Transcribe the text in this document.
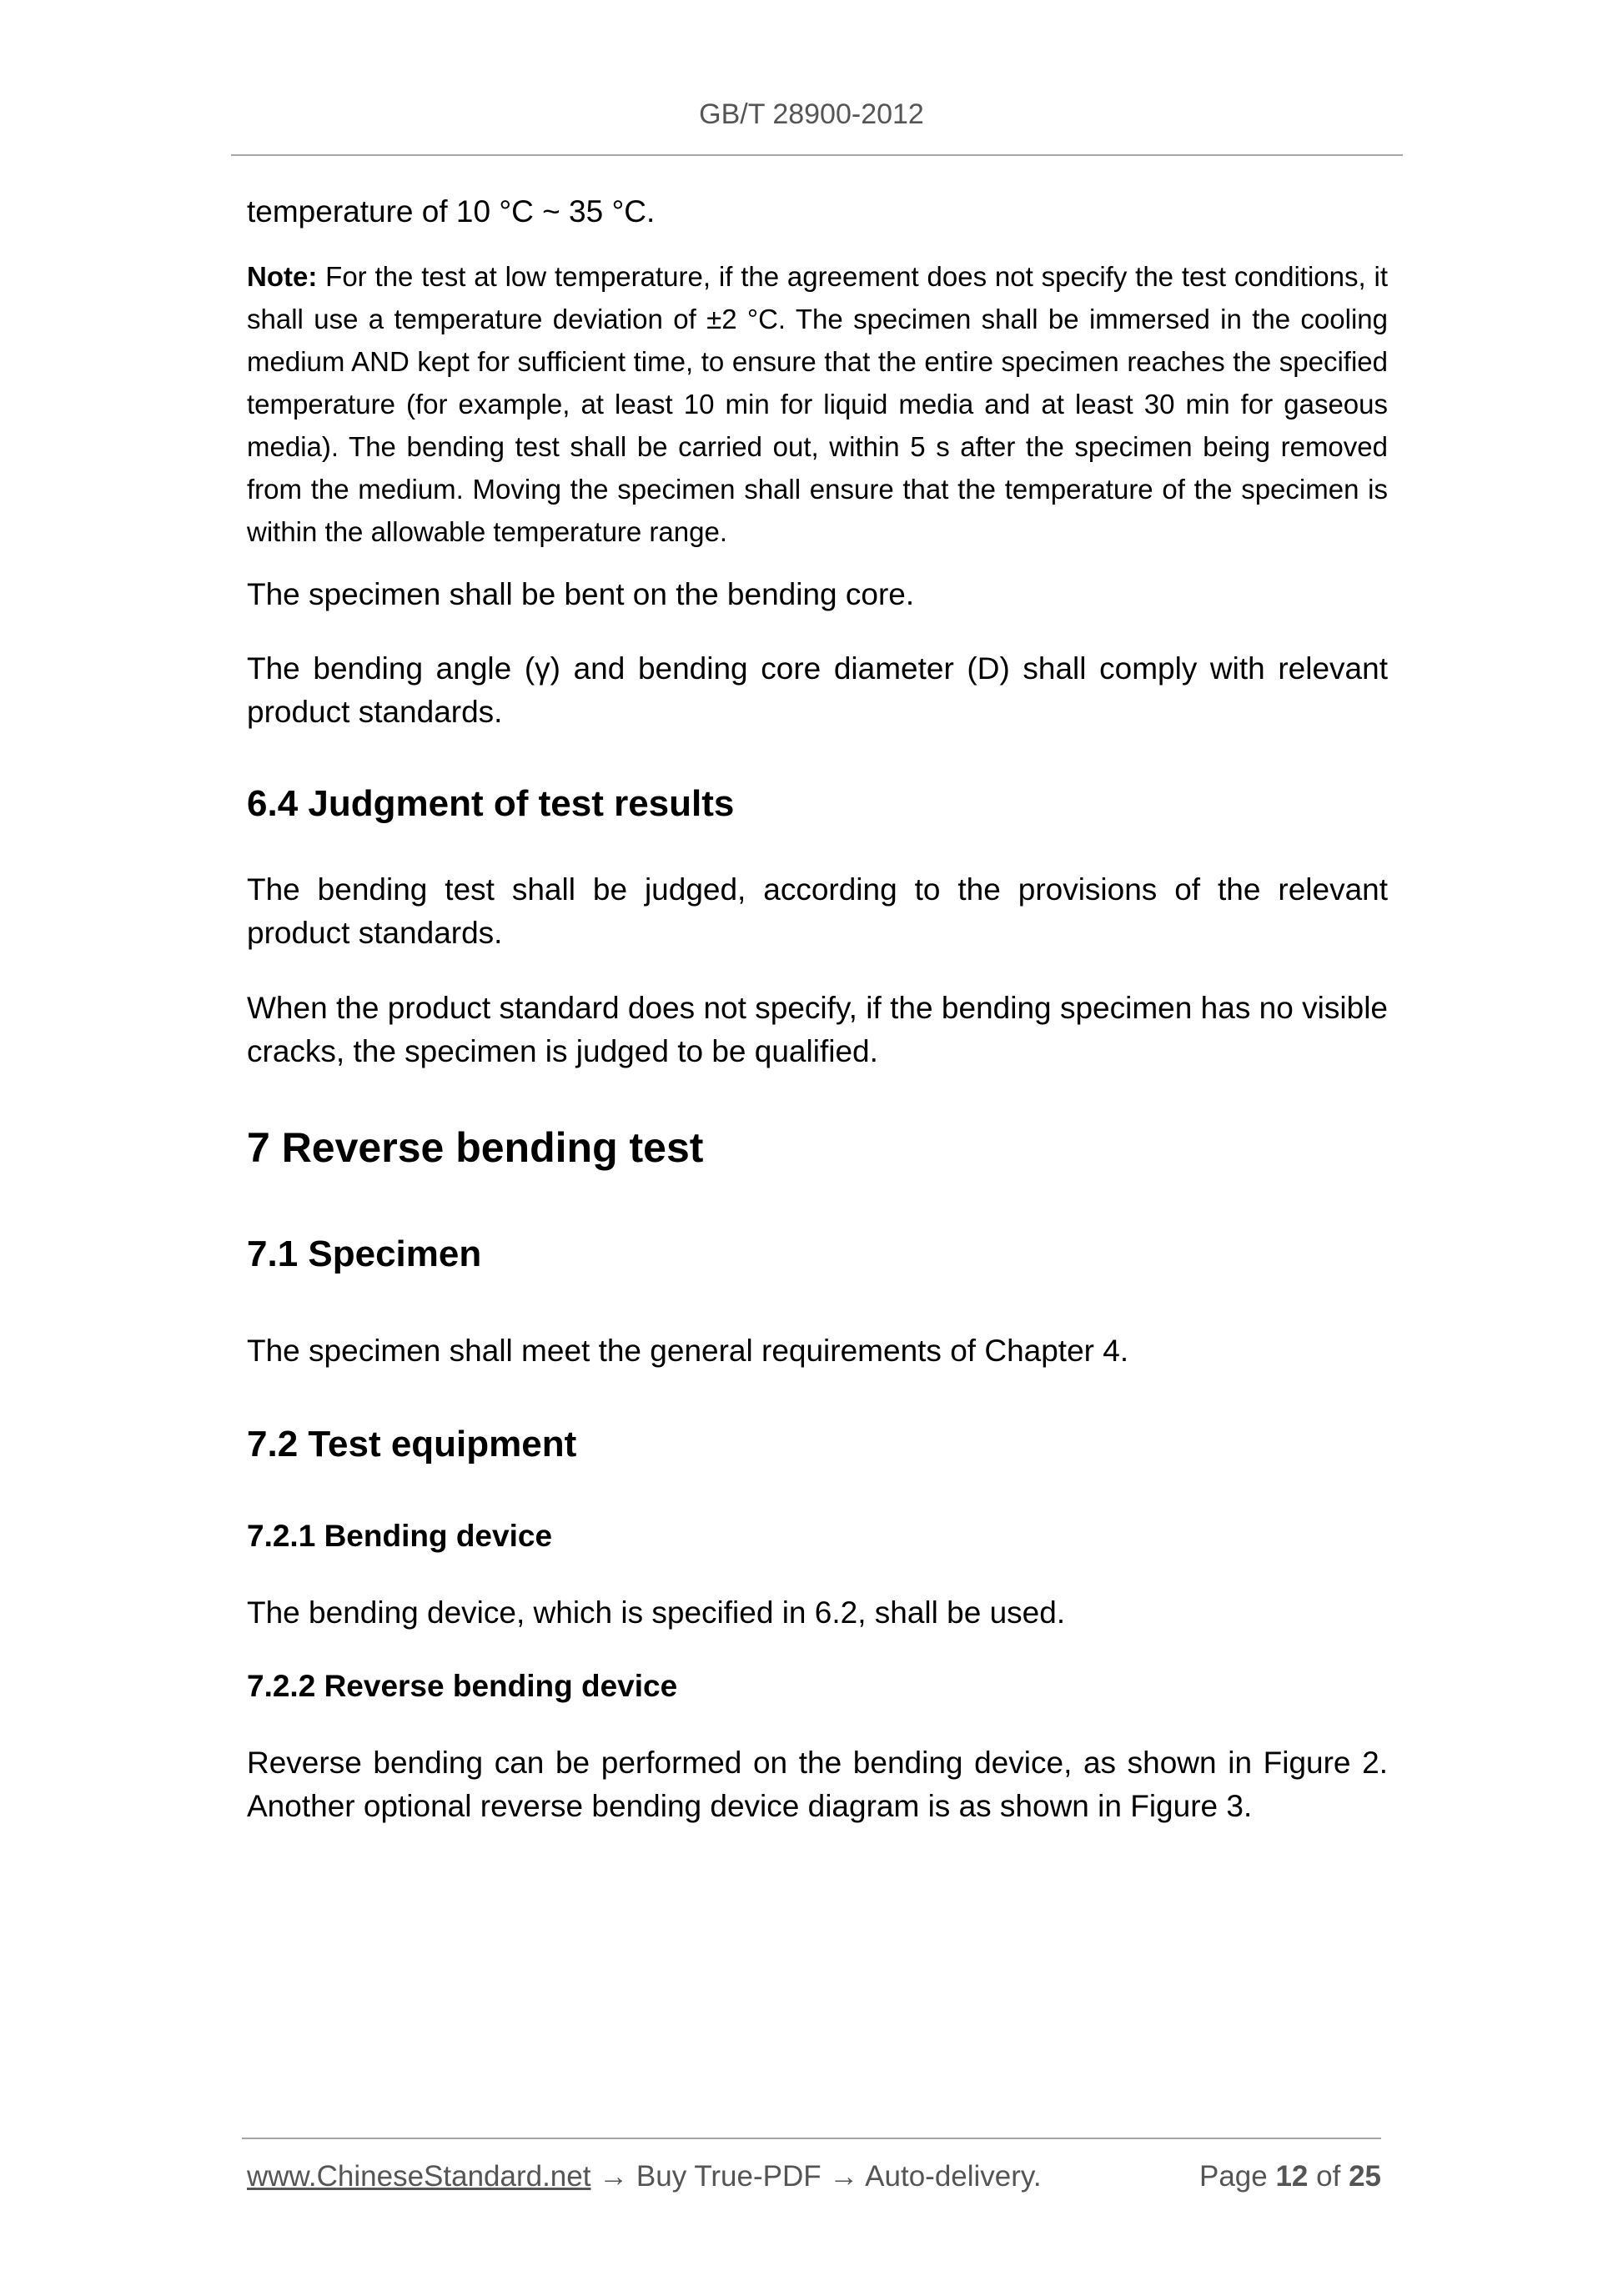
GB/T 28900-2012

temperature of 10 °C ~ 35 °C.

Note: For the test at low temperature, if the agreement does not specify the test conditions, it shall use a temperature deviation of ±2 °C. The specimen shall be immersed in the cooling medium AND kept for sufficient time, to ensure that the entire specimen reaches the specified temperature (for example, at least 10 min for liquid media and at least 30 min for gaseous media). The bending test shall be carried out, within 5 s after the specimen being removed from the medium. Moving the specimen shall ensure that the temperature of the specimen is within the allowable temperature range.

The specimen shall be bent on the bending core.

The bending angle (γ) and bending core diameter (D) shall comply with relevant product standards.

6.4 Judgment of test results

The bending test shall be judged, according to the provisions of the relevant product standards.

When the product standard does not specify, if the bending specimen has no visible cracks, the specimen is judged to be qualified.

7 Reverse bending test
7.1 Specimen

The specimen shall meet the general requirements of Chapter 4.

7.2 Test equipment
7.2.1 Bending device

The bending device, which is specified in 6.2, shall be used.

7.2.2 Reverse bending device

Reverse bending can be performed on the bending device, as shown in Figure 2. Another optional reverse bending device diagram is as shown in Figure 3.

www.ChineseStandard.net → Buy True-PDF → Auto-delivery.	Page 12 of 25
